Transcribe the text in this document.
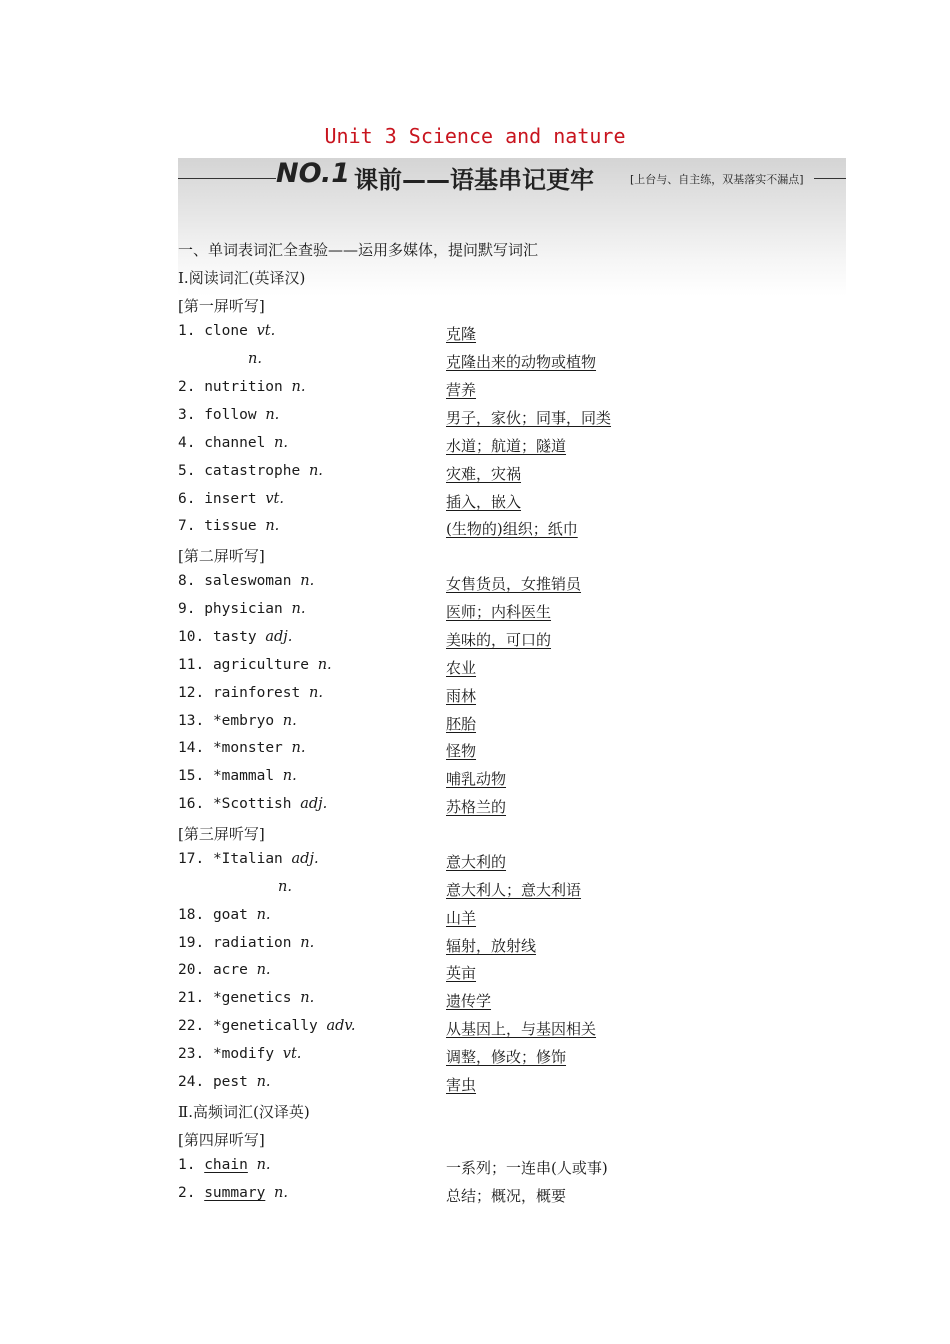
Unit 3 Science and nature
NO.1 课前——语基串记更牢	[上台与、自主练，双基落实不漏点]
一、单词表词汇全查验——运用多媒体，提问默写词汇
Ⅰ.阅读词汇(英译汉)
[第一屏听写]
1. clone vt.	克隆
n.	克隆出来的动物或植物
2. nutrition n.	营养
3. follow n.	男子，家伙；同事，同类
4. channel n.	水道；航道；隧道
5. catastrophe n.	灾难，灾祸
6. insert vt.	插入，嵌入
7. tissue n.	(生物的)组织；纸巾
[第二屏听写]
8. saleswoman n.	女售货员，女推销员
9. physician n.	医师；内科医生
10. tasty adj.	美味的，可口的
11. agriculture n.	农业
12. rainforest n.	雨林
13. *embryo n.	胚胎
14. *monster n.	怪物
15. *mammal n.	哺乳动物
16. *Scottish adj.	苏格兰的
[第三屏听写]
17. *Italian adj.	意大利的
n.	意大利人；意大利语
18. goat n.	山羊
19. radiation n.	辐射，放射线
20. acre n.	英亩
21. *genetics n.	遗传学
22. *genetically adv.	从基因上，与基因相关
23. *modify vt.	调整，修改；修饰
24. pest n.	害虫
Ⅱ.高频词汇(汉译英)
[第四屏听写]
1. chain n.	一系列；一连串(人或事)
2. summary n.	总结；概况，概要
